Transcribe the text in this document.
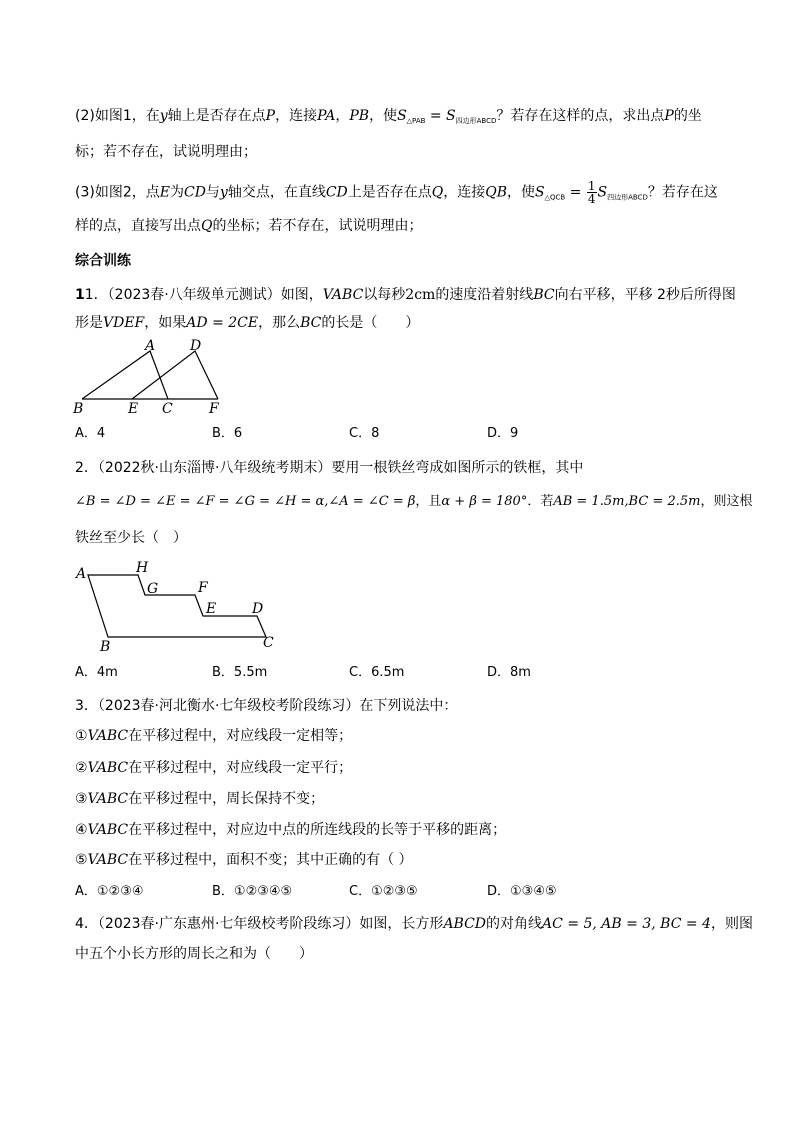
(2)如图1，在y轴上是否存在点P，连接PA，PB，使$S_{\triangle PAB} = S_{四边形ABCD}$？若存在这样的点，求出点P的坐
标；若不存在，试说明理由；
(3)如图2，点E为CD与y轴交点，在直线CD上是否存在点Q，连接QB，使$S_{\triangle QCB} = \frac{1}{4} S_{四边形ABCD}$？若存在这
样的点，直接写出点Q的坐标；若不存在，试说明理由；
综合训练
11．（2023春·八年级单元测试）如图，VABC以每秒2cm的速度沿着射线BC向右平移，平移 2秒后所得图
形是VDEF，如果AD = 2CE，那么BC的长是（　　）
A D
B	E C	F
A．4	B．6	C．8	D．9
2．（2022秋·山东淄博·八年级统考期末）要用一根铁丝弯成如图所示的铁框，其中
∠B = ∠D = ∠E = ∠F = ∠G = ∠H = α,∠A = ∠C = β，且α + β = 180°．若AB = 1.5m,BC = 2.5m，则这根
铁丝至少长（　）
A	H
G	F
E	D
B	C
A．4m	B．5.5m	C．6.5m	D．8m
3．（2023春·河北衡水·七年级校考阶段练习）在下列说法中：
①VABC在平移过程中，对应线段一定相等；
②VABC在平移过程中，对应线段一定平行；
③VABC在平移过程中，周长保持不变；
④VABC在平移过程中，对应边中点的所连线段的长等于平移的距离；
⑤VABC在平移过程中，面积不变；其中正确的有（ ）
A．①②③④	B．①②③④⑤	C．①②③⑤	D．①③④⑤
4．（2023春·广东惠州·七年级校考阶段练习）如图，长方形ABCD的对角线AC = 5, AB = 3, BC = 4，则图
中五个小长方形的周长之和为（　　）
